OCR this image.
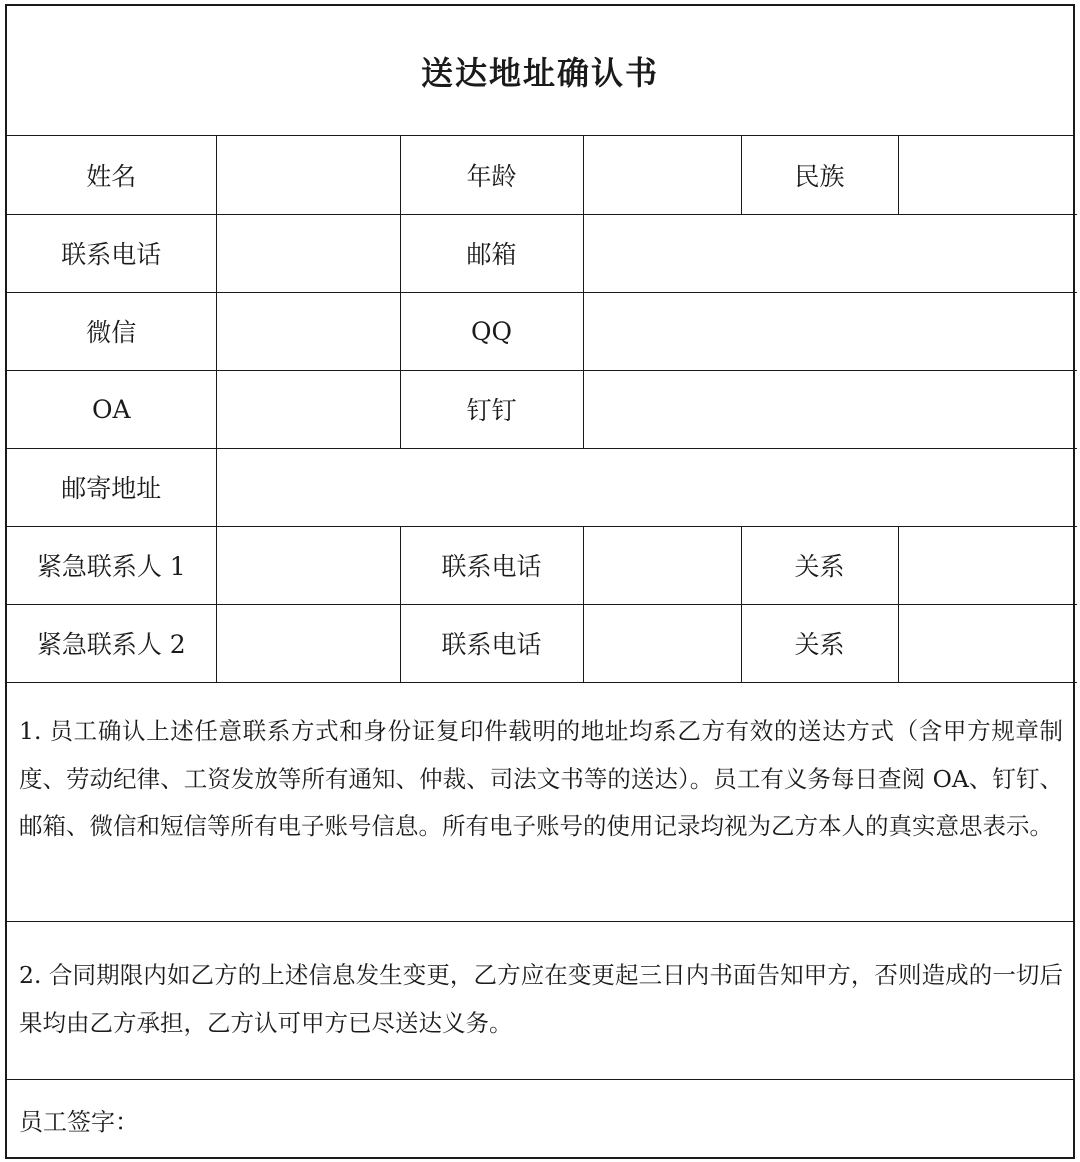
送达地址确认书
姓名		年龄		民族	
联系电话		邮箱			
微信		QQ			
OA		钉钉			
邮寄地址					
紧急联系人 1		联系电话		关系	
紧急联系人 2		联系电话		关系	
1. 员工确认上述任意联系方式和身份证复印件载明的地址均系乙方有效的送达方式（含甲方规章制度、劳动纪律、工资发放等所有通知、仲裁、司法文书等的送达）。员工有义务每日查阅 OA、钉钉、邮箱、微信和短信等所有电子账号信息。所有电子账号的使用记录均视为乙方本人的真实意思表示。
2. 合同期限内如乙方的上述信息发生变更，乙方应在变更起三日内书面告知甲方，否则造成的一切后果均由乙方承担，乙方认可甲方已尽送达义务。
员工签字：
